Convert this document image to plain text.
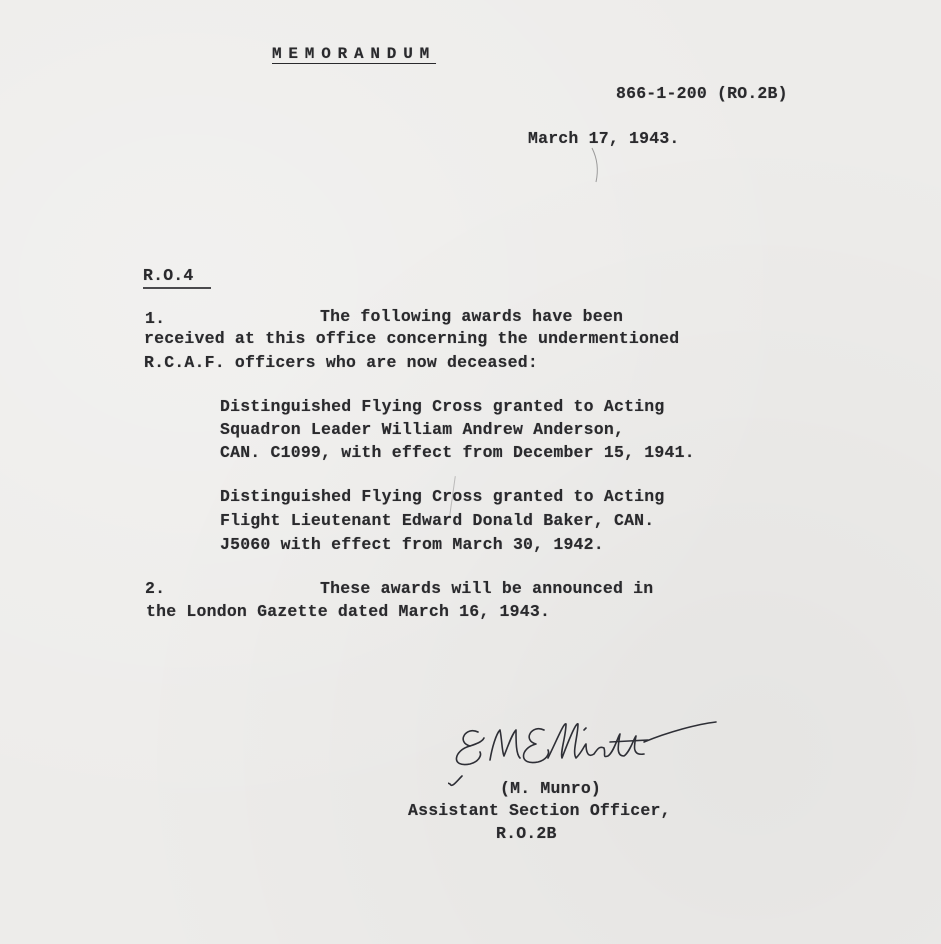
MEMORANDUM
866-1-200 (RO.2B)
March 17, 1943.
R.O.4
1.	The following awards have been
received at this office concerning the undermentioned
R.C.A.F. officers who are now deceased:
Distinguished Flying Cross granted to Acting
Squadron Leader William Andrew Anderson,
CAN. C1099, with effect from December 15, 1941.
Distinguished Flying Cross granted to Acting
Flight Lieutenant Edward Donald Baker, CAN.
J5060 with effect from March 30, 1942.
2.	These awards will be announced in
the London Gazette dated March 16, 1943.
(M. Munro)
Assistant Section Officer,
R.O.2B
